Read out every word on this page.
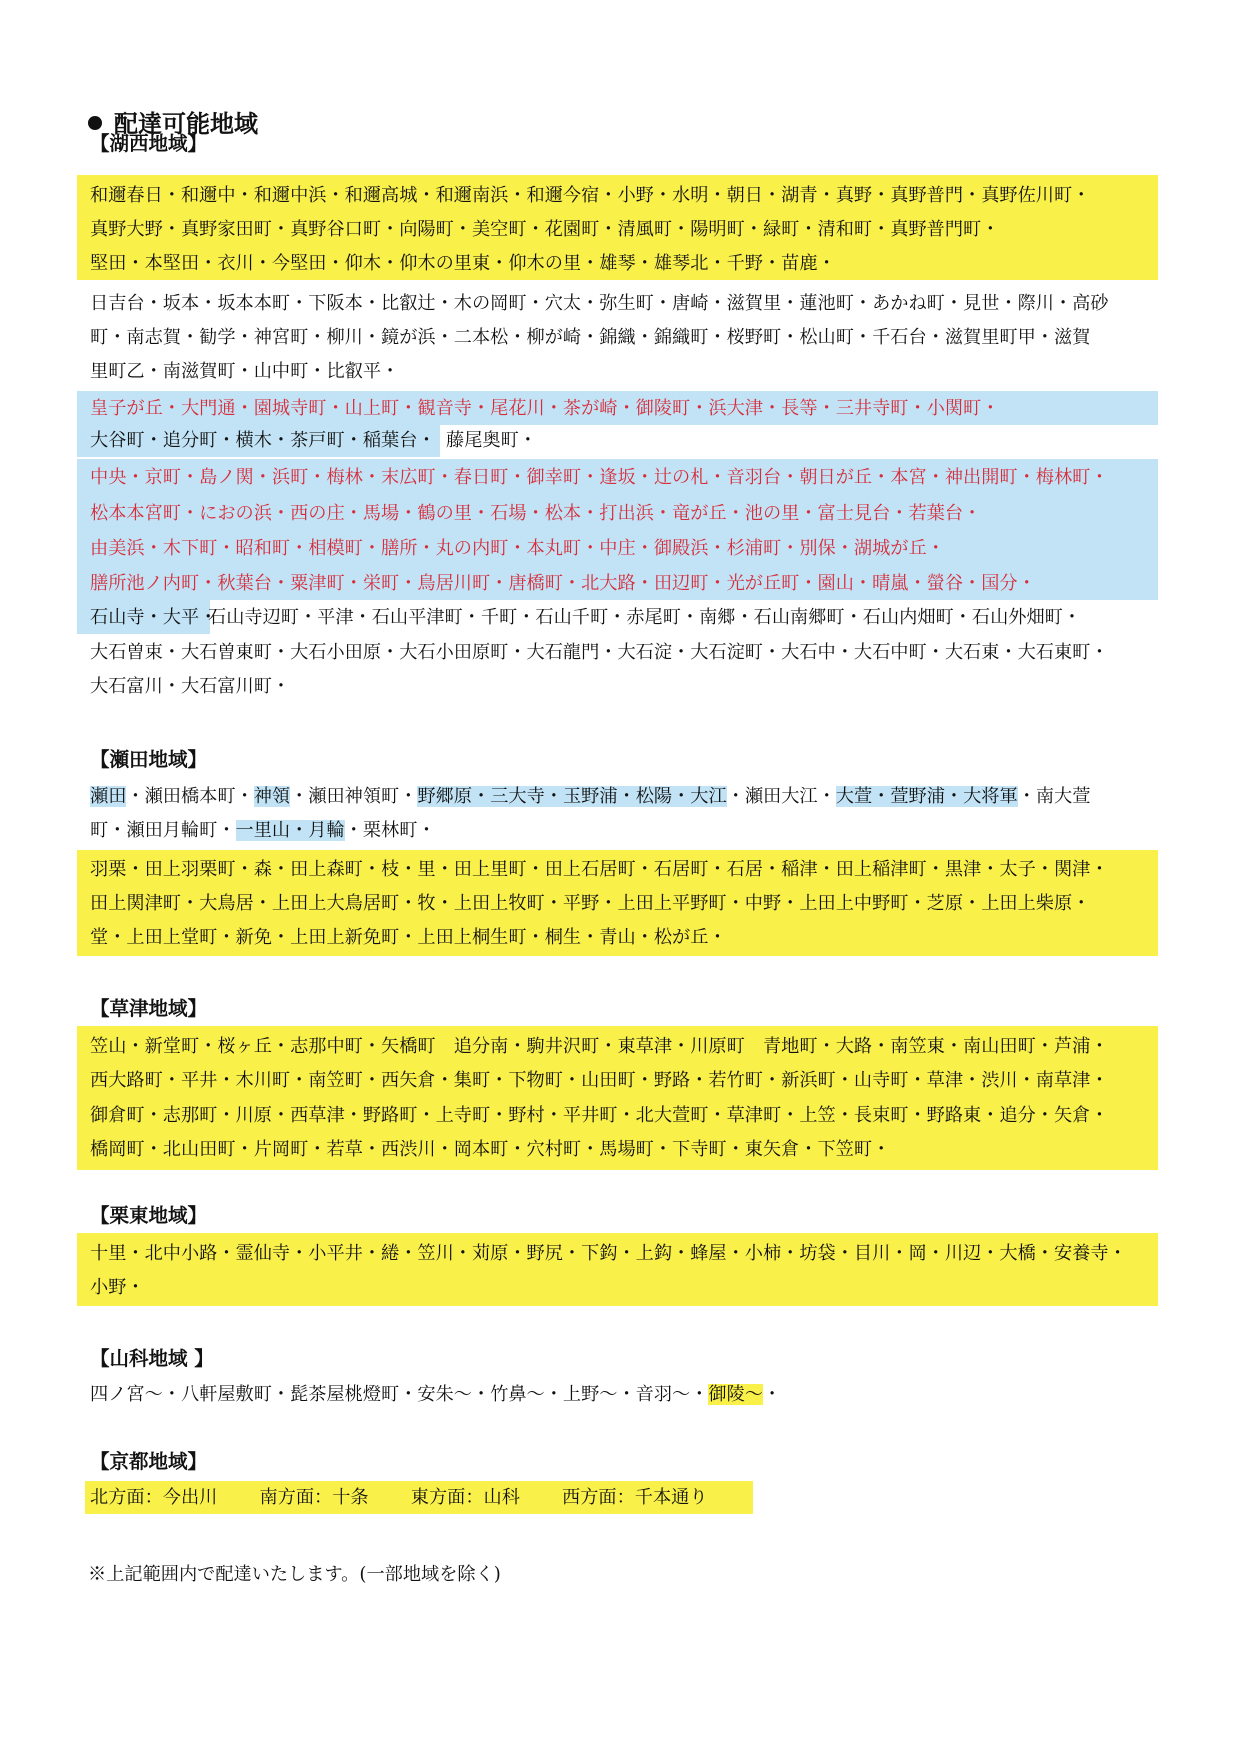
配達可能地域
【湖西地域】
和邇春日・和邇中・和邇中浜・和邇高城・和邇南浜・和邇今宿・小野・水明・朝日・湖青・真野・真野普門・真野佐川町・
真野大野・真野家田町・真野谷口町・向陽町・美空町・花園町・清風町・陽明町・緑町・清和町・真野普門町・
堅田・本堅田・衣川・今堅田・仰木・仰木の里東・仰木の里・雄琴・雄琴北・千野・苗鹿・
日吉台・坂本・坂本本町・下阪本・比叡辻・木の岡町・穴太・弥生町・唐崎・滋賀里・蓮池町・あかね町・見世・際川・高砂
町・南志賀・勧学・神宮町・柳川・鏡が浜・二本松・柳が崎・錦織・錦織町・桜野町・松山町・千石台・滋賀里町甲・滋賀
里町乙・南滋賀町・山中町・比叡平・
皇子が丘・大門通・園城寺町・山上町・観音寺・尾花川・茶が崎・御陵町・浜大津・長等・三井寺町・小関町・
大谷町・追分町・横木・茶戸町・稲葉台・ 藤尾奥町・
中央・京町・島ノ関・浜町・梅林・末広町・春日町・御幸町・逢坂・辻の札・音羽台・朝日が丘・本宮・神出開町・梅林町・
松本本宮町・におの浜・西の庄・馬場・鶴の里・石場・松本・打出浜・竜が丘・池の里・富士見台・若葉台・
由美浜・木下町・昭和町・相模町・膳所・丸の内町・本丸町・中庄・御殿浜・杉浦町・別保・湖城が丘・
膳所池ノ内町・秋葉台・粟津町・栄町・鳥居川町・唐橋町・北大路・田辺町・光が丘町・園山・晴嵐・螢谷・国分・
石山寺・大平・
石山寺辺町・平津・石山平津町・千町・石山千町・赤尾町・南郷・石山南郷町・石山内畑町・石山外畑町・
大石曽束・大石曽東町・大石小田原・大石小田原町・大石龍門・大石淀・大石淀町・大石中・大石中町・大石東・大石東町・
大石富川・大石富川町・
【瀬田地域】
瀬田・瀬田橋本町・神領・瀬田神領町・野郷原・三大寺・玉野浦・松陽・大江・瀬田大江・大萱・萱野浦・大将軍・南大萱
町・瀬田月輪町・一里山・月輪・栗林町・
羽栗・田上羽栗町・森・田上森町・枝・里・田上里町・田上石居町・石居町・石居・稲津・田上稲津町・黒津・太子・関津・
田上関津町・大鳥居・上田上大鳥居町・牧・上田上牧町・平野・上田上平野町・中野・上田上中野町・芝原・上田上柴原・
堂・上田上堂町・新免・上田上新免町・上田上桐生町・桐生・青山・松が丘・
【草津地域】
笠山・新堂町・桜ヶ丘・志那中町・矢橋町　追分南・駒井沢町・東草津・川原町　青地町・大路・南笠東・南山田町・芦浦・
西大路町・平井・木川町・南笠町・西矢倉・集町・下物町・山田町・野路・若竹町・新浜町・山寺町・草津・渋川・南草津・
御倉町・志那町・川原・西草津・野路町・上寺町・野村・平井町・北大萱町・草津町・上笠・長束町・野路東・追分・矢倉・
橋岡町・北山田町・片岡町・若草・西渋川・岡本町・穴村町・馬場町・下寺町・東矢倉・下笠町・
【栗東地域】
十里・北中小路・霊仙寺・小平井・綣・笠川・苅原・野尻・下鈎・上鈎・蜂屋・小柿・坊袋・目川・岡・川辺・大橋・安養寺・
小野・
【山科地域 】
四ノ宮～・八軒屋敷町・髭茶屋桃燈町・安朱～・竹鼻～・上野～・音羽～・御陵～・
【京都地域】
北方面：今出川　　 南方面：十条　　 東方面：山科　　 西方面：千本通り
※上記範囲内で配達いたします。(一部地域を除く)
